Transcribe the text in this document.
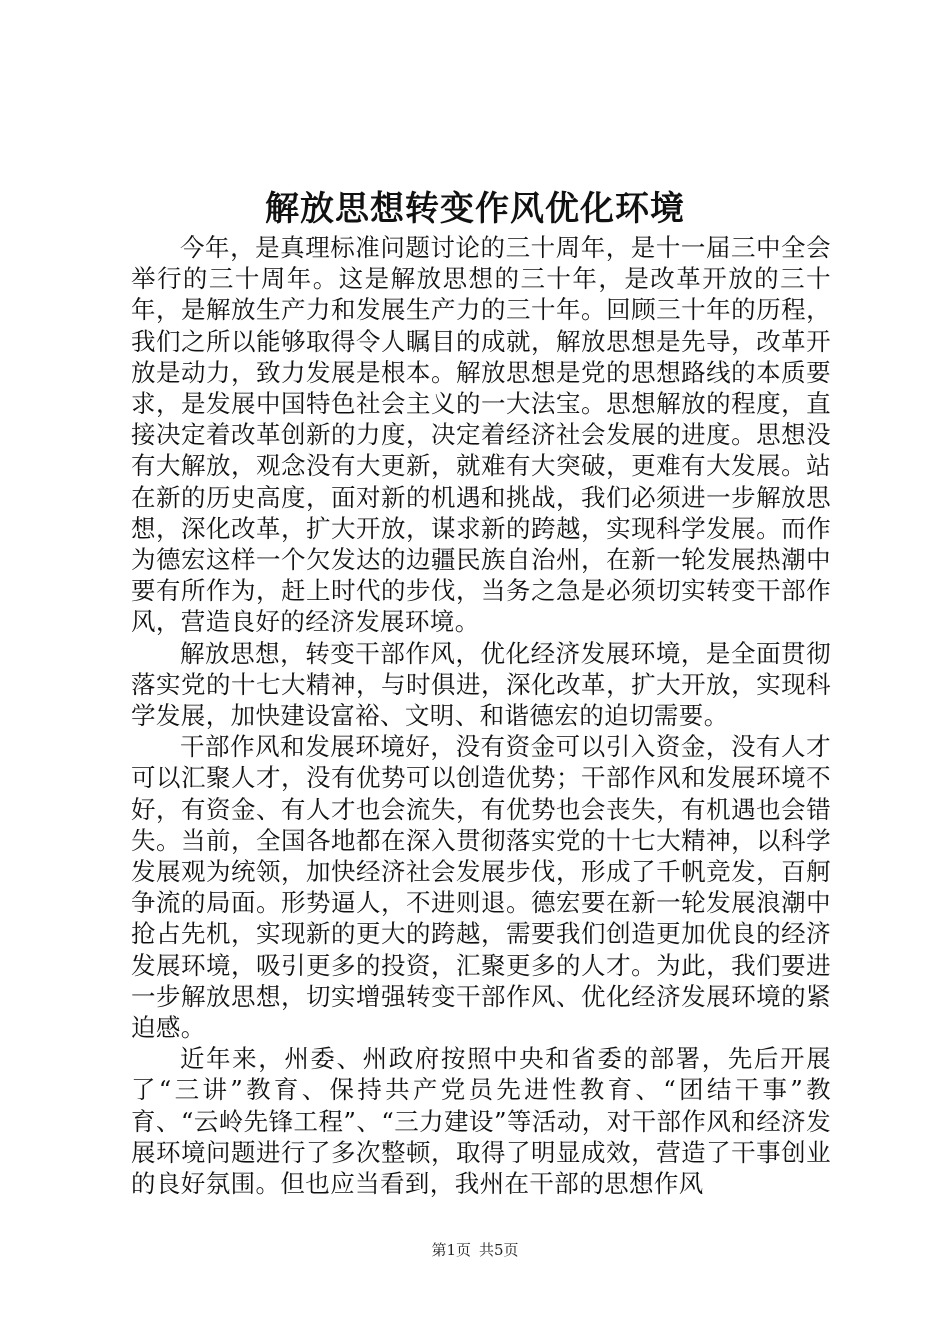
解放思想转变作风优化环境

今年，是真理标准问题讨论的三十周年，是十一届三中全会举行的三十周年。这是解放思想的三十年，是改革开放的三十年，是解放生产力和发展生产力的三十年。回顾三十年的历程，我们之所以能够取得令人瞩目的成就，解放思想是先导，改革开放是动力，致力发展是根本。解放思想是党的思想路线的本质要求，是发展中国特色社会主义的一大法宝。思想解放的程度，直接决定着改革创新的力度，决定着经济社会发展的进度。思想没有大解放，观念没有大更新，就难有大突破，更难有大发展。站在新的历史高度，面对新的机遇和挑战，我们必须进一步解放思想，深化改革，扩大开放，谋求新的跨越，实现科学发展。而作为德宏这样一个欠发达的边疆民族自治州，在新一轮发展热潮中要有所作为，赶上时代的步伐，当务之急是必须切实转变干部作风，营造良好的经济发展环境。

解放思想，转变干部作风，优化经济发展环境，是全面贯彻落实党的十七大精神，与时俱进，深化改革，扩大开放，实现科学发展，加快建设富裕、文明、和谐德宏的迫切需要。

干部作风和发展环境好，没有资金可以引入资金，没有人才可以汇聚人才，没有优势可以创造优势；干部作风和发展环境不好，有资金、有人才也会流失，有优势也会丧失，有机遇也会错失。当前，全国各地都在深入贯彻落实党的十七大精神，以科学发展观为统领，加快经济社会发展步伐，形成了千帆竞发，百舸争流的局面。形势逼人，不进则退。德宏要在新一轮发展浪潮中抢占先机，实现新的更大的跨越，需要我们创造更加优良的经济发展环境，吸引更多的投资，汇聚更多的人才。为此，我们要进一步解放思想，切实增强转变干部作风、优化经济发展环境的紧迫感。

近年来，州委、州政府按照中央和省委的部署，先后开展了“三讲”教育、保持共产党员先进性教育、“团结干事”教育、“云岭先锋工程”、“三力建设”等活动，对干部作风和经济发展环境问题进行了多次整顿，取得了明显成效，营造了干事创业的良好氛围。但也应当看到，我州在干部的思想作风

第1页 共5页
